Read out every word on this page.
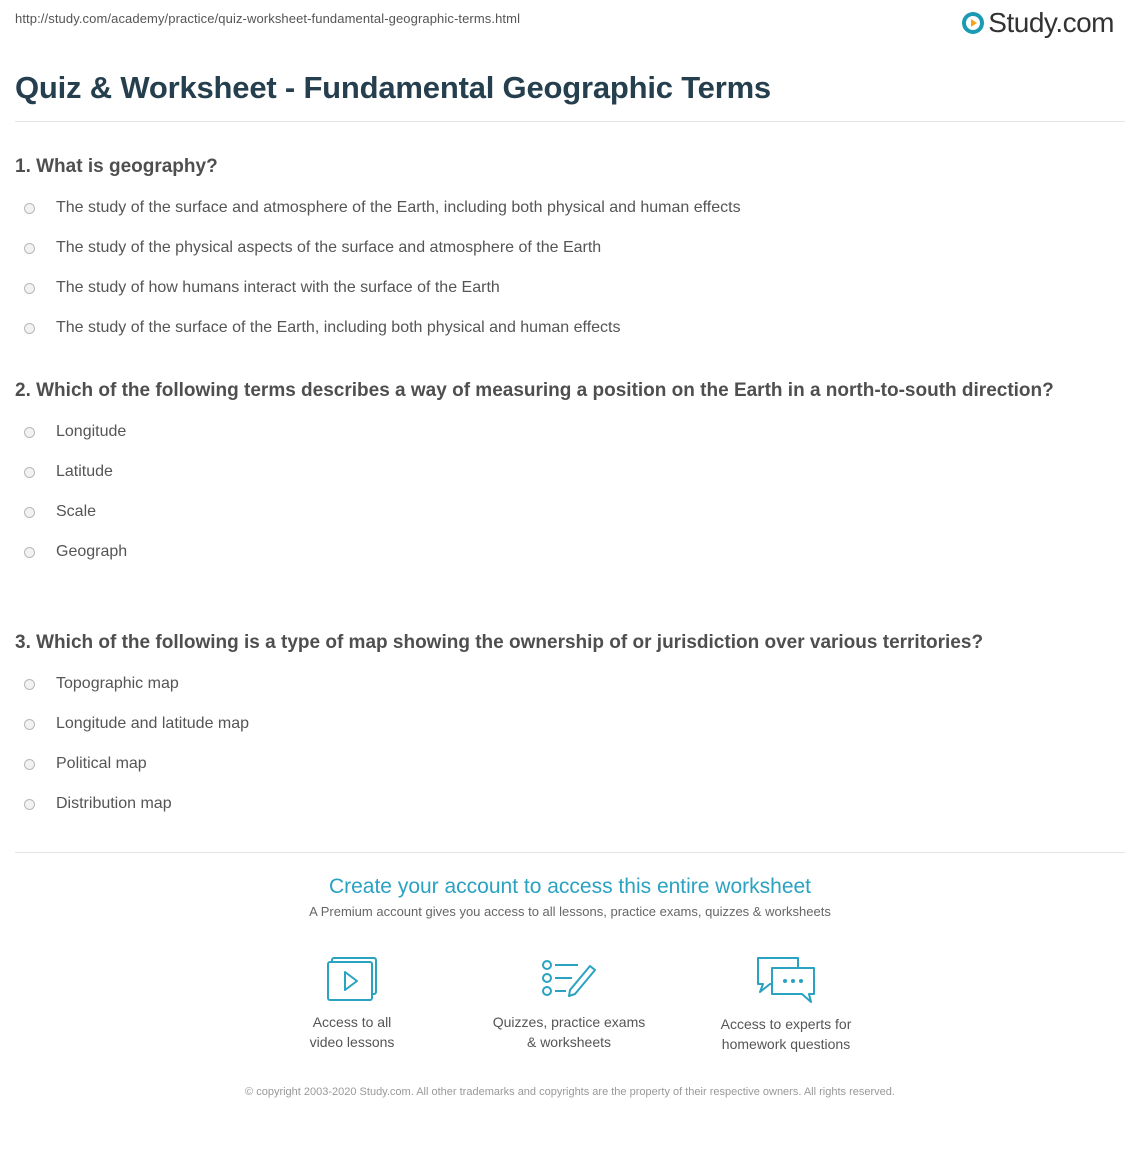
http://study.com/academy/practice/quiz-worksheet-fundamental-geographic-terms.html	Study.com
Quiz & Worksheet - Fundamental Geographic Terms

1. What is geography?

The study of the surface and atmosphere of the Earth, including both physical and human effects
The study of the physical aspects of the surface and atmosphere of the Earth
The study of how humans interact with the surface of the Earth
The study of the surface of the Earth, including both physical and human effects

2. Which of the following terms describes a way of measuring a position on the Earth in a north-to-south direction?

Longitude
Latitude
Scale
Geograph

3. Which of the following is a type of map showing the ownership of or jurisdiction over various territories?

Topographic map
Longitude and latitude map
Political map
Distribution map
Create your account to access this entire worksheet
A Premium account gives you access to all lessons, practice exams, quizzes & worksheets
Access to all
video lessons
Quizzes, practice exams
& worksheets
Access to experts for
homework questions
© copyright 2003-2020 Study.com. All other trademarks and copyrights are the property of their respective owners. All rights reserved.
